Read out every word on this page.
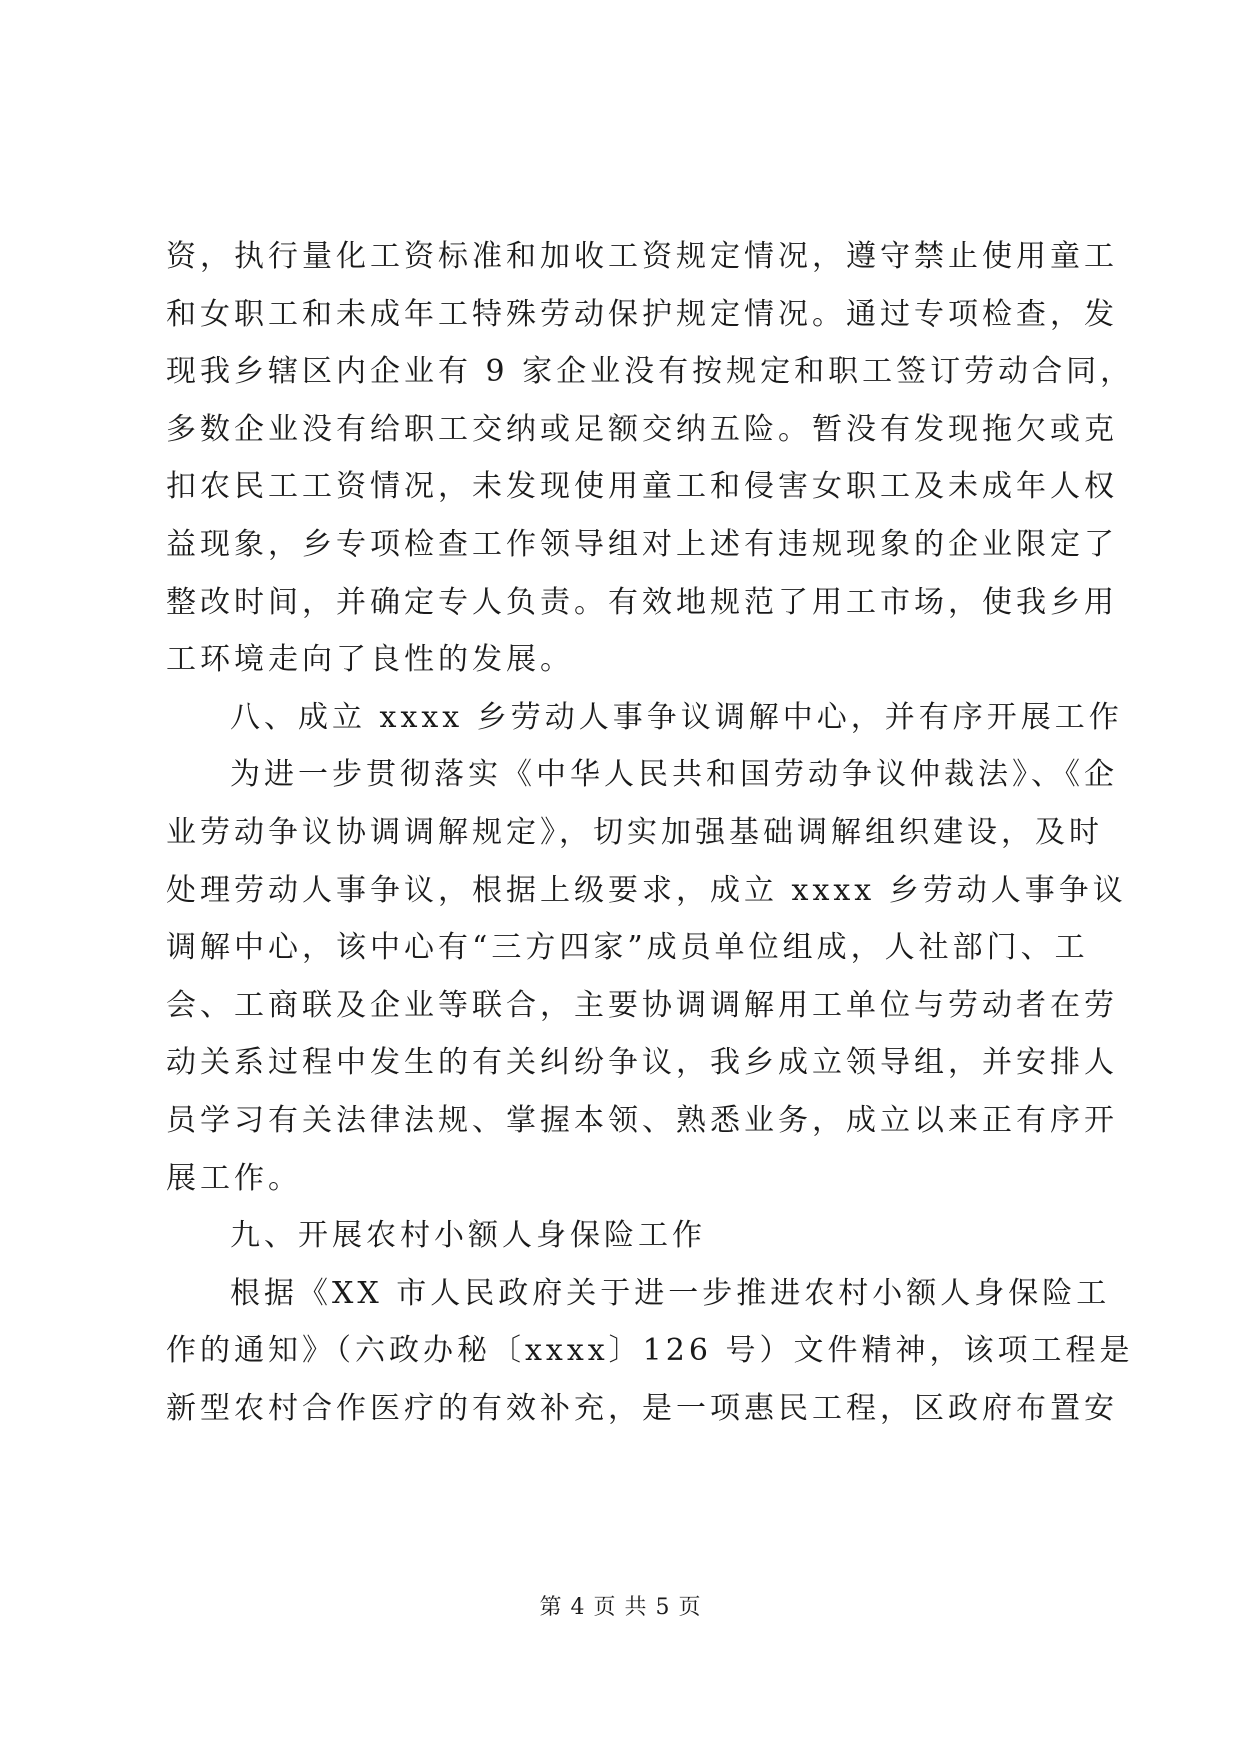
资，执行量化工资标准和加收工资规定情况，遵守禁止使用童工
和女职工和未成年工特殊劳动保护规定情况。通过专项检查，发
现我乡辖区内企业有 9 家企业没有按规定和职工签订劳动合同，
多数企业没有给职工交纳或足额交纳五险。暂没有发现拖欠或克
扣农民工工资情况，未发现使用童工和侵害女职工及未成年人权
益现象，乡专项检查工作领导组对上述有违规现象的企业限定了
整改时间，并确定专人负责。有效地规范了用工市场，使我乡用
工环境走向了良性的发展。
八、成立 xxxx 乡劳动人事争议调解中心，并有序开展工作
为进一步贯彻落实《中华人民共和国劳动争议仲裁法》、《企
业劳动争议协调调解规定》，切实加强基础调解组织建设，及时
处理劳动人事争议，根据上级要求，成立 xxxx 乡劳动人事争议
调解中心，该中心有“三方四家”成员单位组成，人社部门、工
会、工商联及企业等联合，主要协调调解用工单位与劳动者在劳
动关系过程中发生的有关纠纷争议，我乡成立领导组，并安排人
员学习有关法律法规、掌握本领、熟悉业务，成立以来正有序开
展工作。
九、开展农村小额人身保险工作
根据《XX 市人民政府关于进一步推进农村小额人身保险工
作的通知》（六政办秘〔xxxx〕126 号）文件精神，该项工程是
新型农村合作医疗的有效补充，是一项惠民工程，区政府布置安
第 4 页 共 5 页
